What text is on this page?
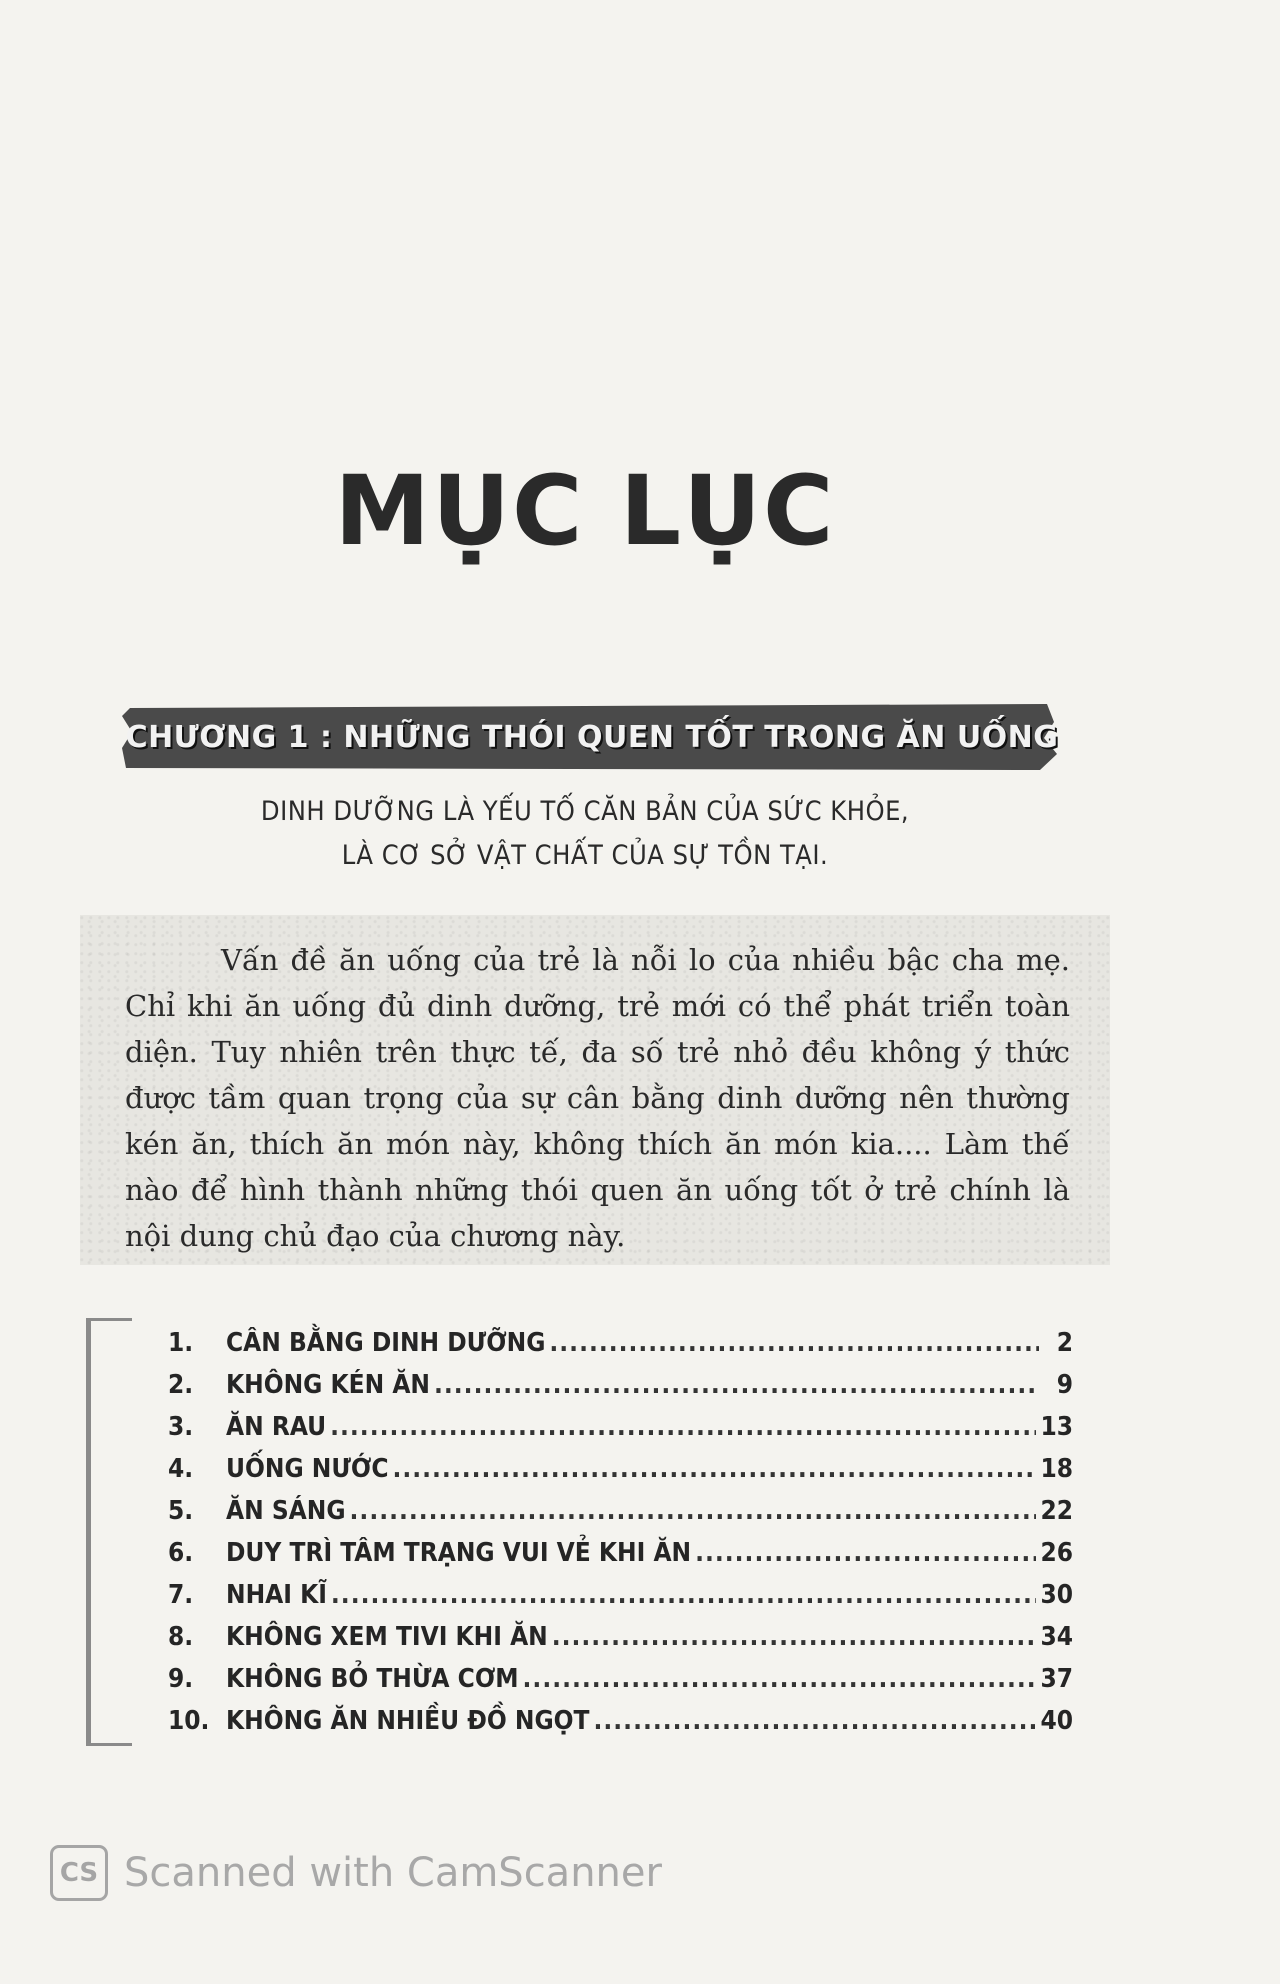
MỤC LỤC
CHƯƠNG 1 : NHỮNG THÓI QUEN TỐT TRONG ĂN UỐNG
DINH DƯỠNG LÀ YẾU TỐ CĂN BẢN CỦA SỨC KHỎE,
LÀ CƠ SỞ VẬT CHẤT CỦA SỰ TỒN TẠI.
Vấn đề ăn uống của trẻ là nỗi lo của nhiều bậc cha mẹ. Chỉ khi ăn uống đủ dinh dưỡng, trẻ mới có thể phát triển toàn diện. Tuy nhiên trên thực tế, đa số trẻ nhỏ đều không ý thức được tầm quan trọng của sự cân bằng dinh dưỡng nên thường kén ăn, thích ăn món này, không thích ăn món kia.... Làm thế nào để hình thành những thói quen ăn uống tốt ở trẻ chính là nội dung chủ đạo của chương này.
1.	CÂN BẰNG DINH DƯỠNG .....	2
2.	KHÔNG KÉN ĂN .....	9
3.	ĂN RAU .....	13
4.	UỐNG NƯỚC .....	18
5.	ĂN SÁNG .....	22
6.	DUY TRÌ TÂM TRẠNG VUI VẺ KHI ĂN .....	26
7.	NHAI KĨ .....	30
8.	KHÔNG XEM TIVI KHI ĂN .....	34
9.	KHÔNG BỎ THỪA CƠM .....	37
10. KHÔNG ĂN NHIỀU ĐỒ NGỌT .....	40
CS Scanned with CamScanner
